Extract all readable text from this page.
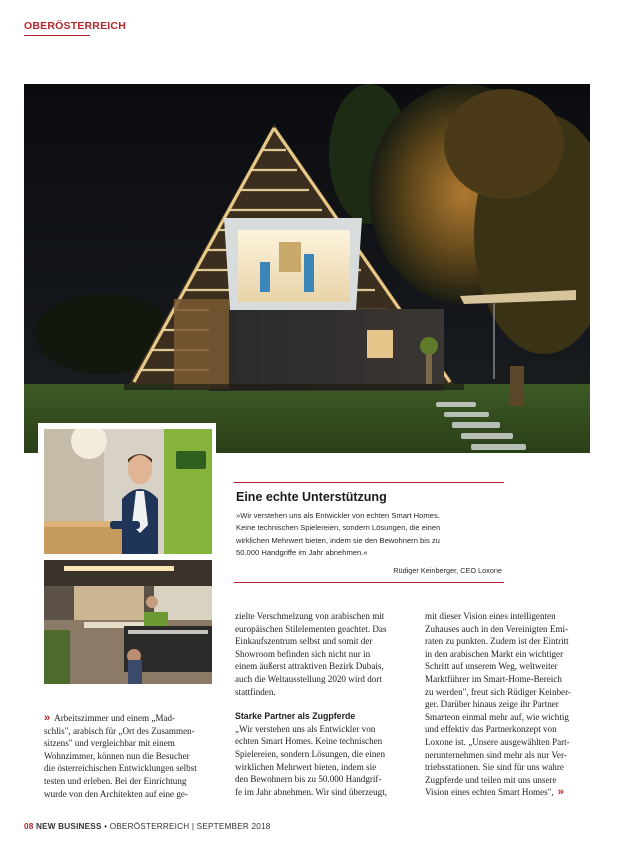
OBERÖSTERREICH
Eine echte Unterstützung
»Wir verstehen uns als Entwickler von echten Smart Homes.
Keine technischen Spielereien, sondern Lösungen, die einen
wirklichen Mehrwert bieten, indem sie den Bewohnern bis zu
50.000 Handgriffe im Jahr abnehmen.«
Rüdiger Keinberger, CEO Loxone

» Arbeitszimmer und einem „Mad-

schlis", arabisch für „Ort des Zusammen-

sitzens" und vergleichbar mit einem

Wohnzimmer, können nun die Besucher

die österreichischen Entwicklungen selbst

testen und erleben. Bei der Einrichtung

wurde von den Architekten auf eine ge-

zielte Verschmelzung von arabischen mit

europäischen Stilelementen geachtet. Das

Einkaufszentrum selbst und somit der

Showroom befinden sich nicht nur in

einem äußerst attraktiven Bezirk Dubais,

auch die Weltausstellung 2020 wird dort

stattfinden.

Starke Partner als Zugpferde

„Wir verstehen uns als Entwickler von

echten Smart Homes. Keine technischen

Spielereien, sondern Lösungen, die einen

wirklichen Mehrwert bieten, indem sie

den Bewohnern bis zu 50.000 Handgrif-

fe im Jahr abnehmen. Wir sind überzeugt,

mit dieser Vision eines intelligenten

Zuhauses auch in den Vereinigten Emi-

raten zu punkten. Zudem ist der Eintritt

in den arabischen Markt ein wichtiger

Schritt auf unserem Weg, weltweiter

Marktführer im Smart-Home-Bereich

zu werden", freut sich Rüdiger Keinber-

ger. Darüber hinaus zeige ihr Partner

Smarteon einmal mehr auf, wie wichtig

und effektiv das Partnerkonzept von

Loxone ist. „Unsere ausgewählten Part-

nerunternehmen sind mehr als nur Ver-

triebsstationen. Sie sind für uns wahre

Zugpferde und teilen mit uns unsere

Vision eines echten Smart Homes", »

08 NEW BUSINESS • OBERÖSTERREICH | SEPTEMBER 2018
